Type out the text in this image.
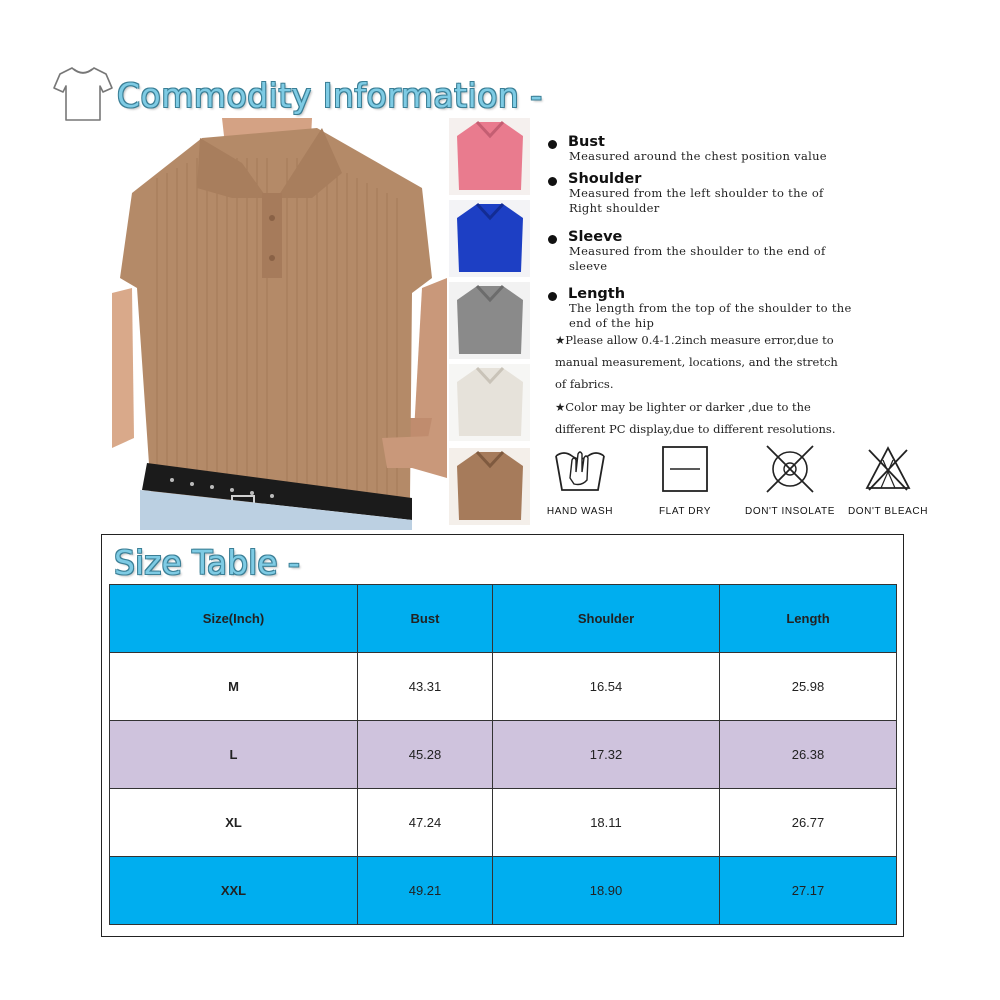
Commodity Information -
Bust
Measured around the chest position value
Shoulder
Measured from the left shoulder to the of Right shoulder
Sleeve
Measured from the shoulder to the end of sleeve
Length
The length from the top of the shoulder to the end of the hip
★Please allow 0.4-1.2inch measure error,due to
manual measurement, locations, and the stretch
of fabrics.
★Color may be lighter or darker ,due to the
different PC display,due to different resolutions.
HAND WASH	FLAT DRY	DON'T INSOLATE	DON'T BLEACH
Size Table -
Size(Inch)	Bust	Shoulder	Length
M	43.31	16.54	25.98
L	45.28	17.32	26.38
XL	47.24	18.11	26.77
XXL	49.21	18.90	27.17
